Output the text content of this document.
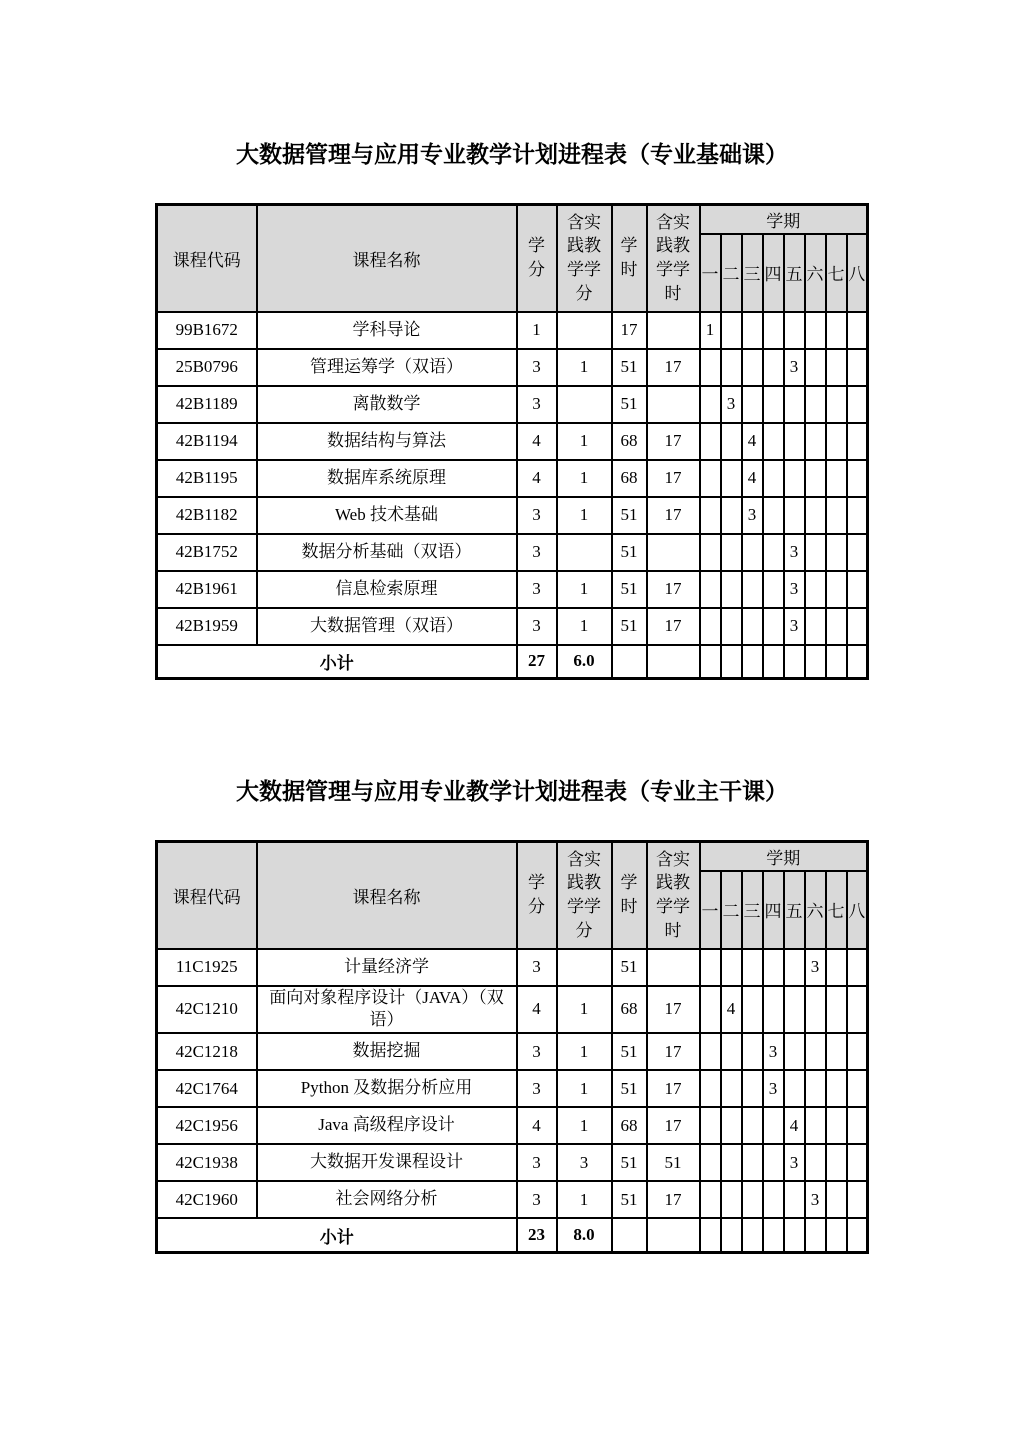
大数据管理与应用专业教学计划进程表（专业基础课）
课程代码	课程名称	学分	含实践教学学分	学时	含实践教学学时	学期							
						一	二	三	四	五	六	七	八
99B1672	学科导论	1		17		1							
25B0796	管理运筹学（双语）	3	1	51	17					3			
42B1189	离散数学	3		51			3						
42B1194	数据结构与算法	4	1	68	17			4					
42B1195	数据库系统原理	4	1	68	17			4					
42B1182	Web 技术基础	3	1	51	17			3					
42B1752	数据分析基础（双语）	3		51						3			
42B1961	信息检索原理	3	1	51	17					3			
42B1959	大数据管理（双语）	3	1	51	17					3			
小计		27	6.0										
大数据管理与应用专业教学计划进程表（专业主干课）
课程代码	课程名称	学分	含实践教学学分	学时	含实践教学学时	学期							
						一	二	三	四	五	六	七	八
11C1925	计量经济学	3		51							3		
42C1210	面向对象程序设计（JAVA）（双语）	4	1	68	17		4						
42C1218	数据挖掘	3	1	51	17				3				
42C1764	Python 及数据分析应用	3	1	51	17				3				
42C1956	Java 高级程序设计	4	1	68	17					4			
42C1938	大数据开发课程设计	3	3	51	51					3			
42C1960	社会网络分析	3	1	51	17						3		
小计		23	8.0										
